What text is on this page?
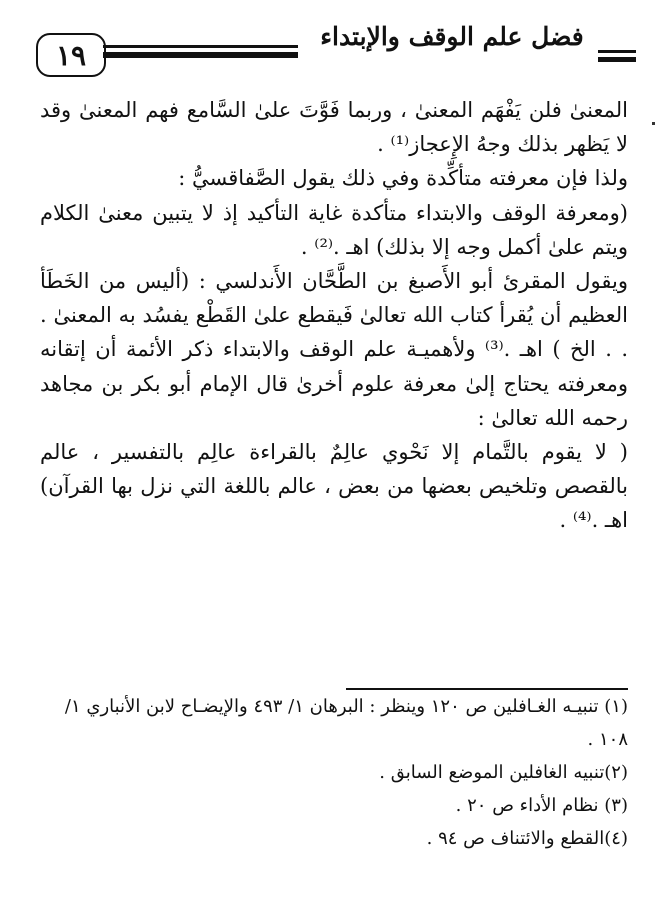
١٩
فضل علم الوقف والإبتداء

المعنىٰ فلن يَفْهَم المعنىٰ ، وربما فَوَّتَ علىٰ السَّامع فهم المعنىٰ وقد لا يَظهر بذلك وجهُ الإِعجاز⁽¹⁾ .

ولذا فإن معرفته متأكِّدة وفي ذلك يقول الصَّفاقسيُّ :

(ومعرفة الوقف والابتداء متأكدة غاية التأكيد إذ لا يتبين معنىٰ الكلام ويتم علىٰ أكمل وجه إلا بذلك) اهـ .⁽²⁾ .

ويقول المقرئ أبو الأَصبغ بن الطَّحَّان الأَندلسي : (أليس من الخَطَأ العظيم أن يُقرأ كتاب الله تعالىٰ فَيقطع علىٰ القَطْع يفسُد به المعنىٰ . . . الخ ) اهـ .⁽³⁾ ولأهميـة علم الوقف والابتداء ذكر الأئمة أن إتقانه ومعرفته يحتاج إلىٰ معرفة علوم أخرىٰ قال الإمام أبو بكر بن مجاهد رحمه الله تعالىٰ :

( لا يقوم بالتَّمام إلا نَحْوي عالِمٌ بالقراءة عالِم بالتفسير ، عالم بالقصص وتلخيص بعضها من بعض ، عالم باللغة التي نزل بها القرآن) اهـ .⁽⁴⁾ .

(١) تنبيـه الغـافلين ص ١٢٠ وينظر : البرهان ١/ ٤٩٣ والإيضـاح لابن الأنباري ١/ ١٠٨ .

(٢)تنبيه الغافلين الموضع السابق .

(٣) نظام الأداء ص ٢٠ .

(٤)القطع والائتناف ص ٩٤ .
